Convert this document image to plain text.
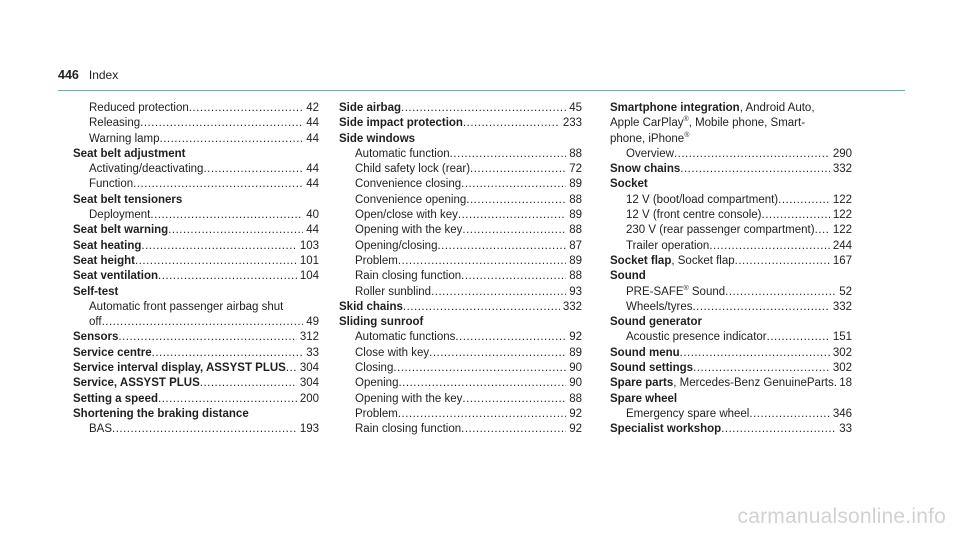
446 Index
Reduced protection .....	42
Releasing .....	44
Warning lamp .....	44
Seat belt adjustment
Activating/deactivating .....	44
Function .....	44
Seat belt tensioners
Deployment .....	40
Seat belt warning .....	44
Seat heating .....	103
Seat height .....	101
Seat ventilation .....	104
Self-test
Automatic front passenger airbag shut
off .....	49
Sensors .....	312
Service centre .....	33
Service interval display, ASSYST PLUS ..... 304
Service, ASSYST PLUS .....	304
Setting a speed .....	200
Shortening the braking distance
BAS .....	193
Side airbag .....	45
Side impact protection .....	233
Side windows
Automatic function .....	88
Child safety lock (rear) .....	72
Convenience closing .....	89
Convenience opening .....	88
Open/close with key .....	89
Opening with the key .....	88
Opening/closing .....	87
Problem .....	89
Rain closing function .....	88
Roller sunblind .....	93
Skid chains .....	332
Sliding sunroof
Automatic functions .....	92
Close with key .....	89
Closing .....	90
Opening .....	90
Opening with the key .....	88
Problem .....	92
Rain closing function .....	92
Smartphone integration, Android Auto,
Apple CarPlay®, Mobile phone, Smart-
phone, iPhone®
Overview .....	290
Snow chains .....	332
Socket
12 V (boot/load compartment) .....	122
12 V (front centre console) .....	122
230 V (rear passenger compartment) ..... 122
Trailer operation .....	244
Socket flap, Socket flap .....	167
Sound
PRE-SAFE® Sound .....	52
Wheels/tyres .....	332
Sound generator
Acoustic presence indicator .....	151
Sound menu .....	302
Sound settings .....	302
Spare parts, Mercedes-Benz GenuineParts ..... 18
Spare wheel
Emergency spare wheel .....	346
Specialist workshop .....	33
carmanualsonline.info
